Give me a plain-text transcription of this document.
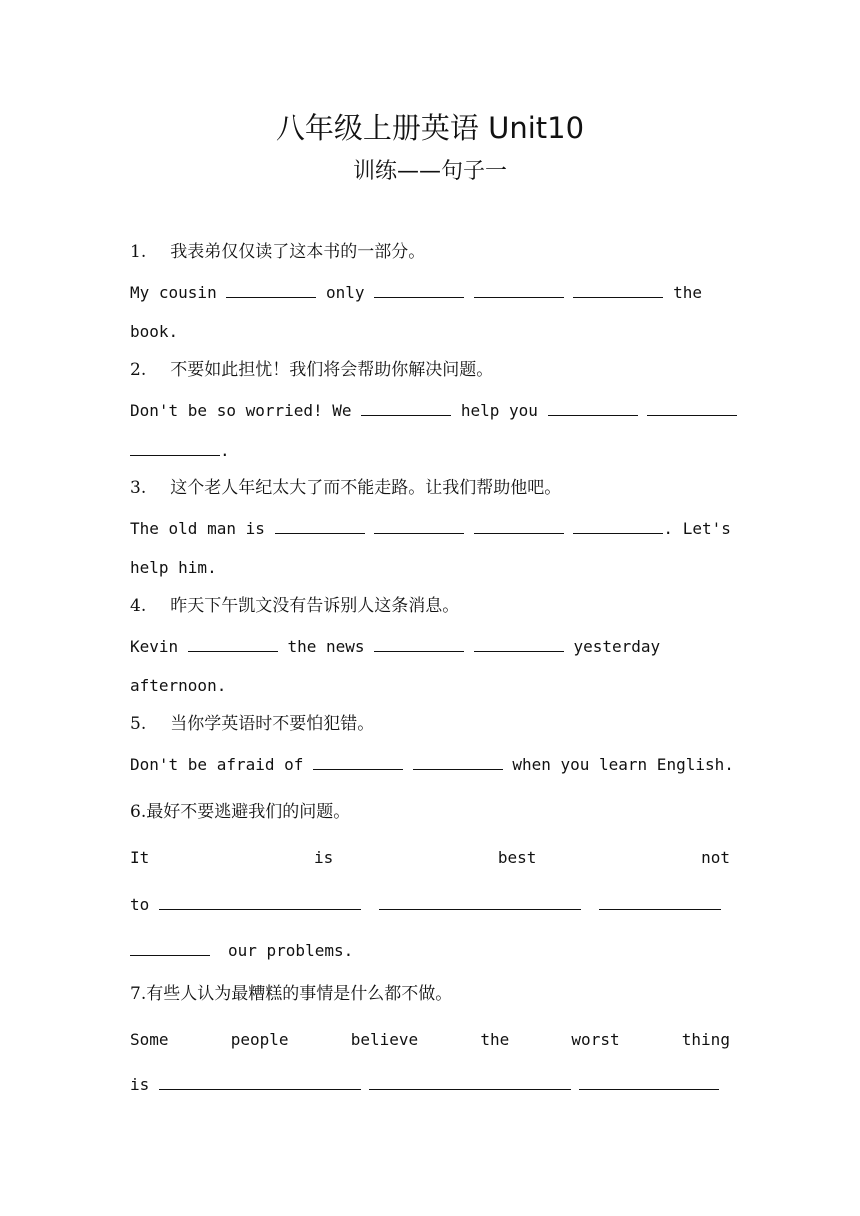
八年级上册英语 Unit10
训练——句子一
1. 我表弟仅仅读了这本书的一部分。
My cousin	only	the
book.
2. 不要如此担忧！我们将会帮助你解决问题。
Don't be so worried! We	help you
.
3. 这个老人年纪太大了而不能走路。让我们帮助他吧。
The old man is	. Let's
help him.
4. 昨天下午凯文没有告诉别人这条消息。
Kevin	the news	yesterday
afternoon.
5. 当你学英语时不要怕犯错。
Don't be afraid of	when you learn English.
6.最好不要逃避我们的问题。
It	is	best	not
to
our problems.
7.有些人认为最糟糕的事情是什么都不做。
Some	people	believe	the	worst	thing
is
